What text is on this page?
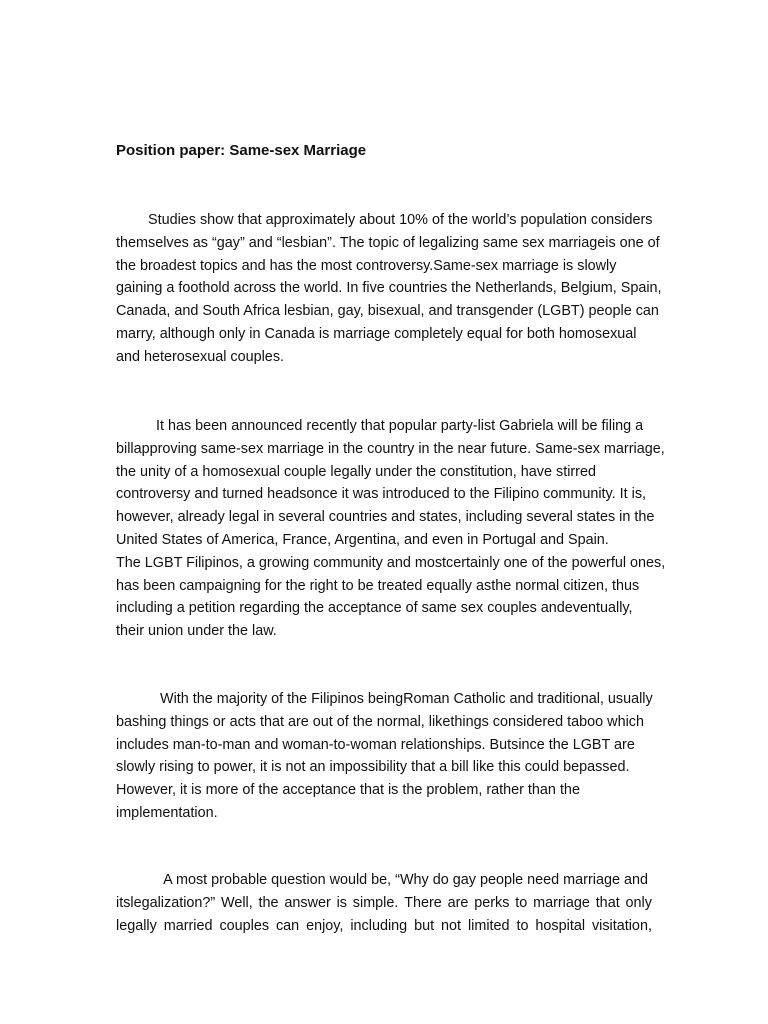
Position paper: Same-sex Marriage
Studies show that approximately about 10% of the world’s population considers
themselves as “gay” and “lesbian”. The topic of legalizing same sex marriageis one of
the broadest topics and has the most controversy.Same-sex marriage is slowly
gaining a foothold across the world. In five countries the Netherlands, Belgium, Spain,
Canada, and South Africa lesbian, gay, bisexual, and transgender (LGBT) people can
marry, although only in Canada is marriage completely equal for both homosexual
and heterosexual couples.
It has been announced recently that popular party-list Gabriela will be filing a
billapproving same-sex marriage in the country in the near future. Same-sex marriage,
the unity of a homosexual couple legally under the constitution, have stirred
controversy and turned headsonce it was introduced to the Filipino community. It is,
however, already legal in several countries and states, including several states in the
United States of America, France, Argentina, and even in Portugal and Spain.
The LGBT Filipinos, a growing community and mostcertainly one of the powerful ones,
has been campaigning for the right to be treated equally asthe normal citizen, thus
including a petition regarding the acceptance of same sex couples andeventually,
their union under the law.
With the majority of the Filipinos beingRoman Catholic and traditional, usually
bashing things or acts that are out of the normal, likethings considered taboo which
includes man-to-man and woman-to-woman relationships. Butsince the LGBT are
slowly rising to power, it is not an impossibility that a bill like this could bepassed.
However, it is more of the acceptance that is the problem, rather than the
implementation.
A most probable question would be, “Why do gay people need marriage and
itslegalization?” Well, the answer is simple. There are perks to marriage that only
legally married couples can enjoy, including but not limited to hospital visitation,
